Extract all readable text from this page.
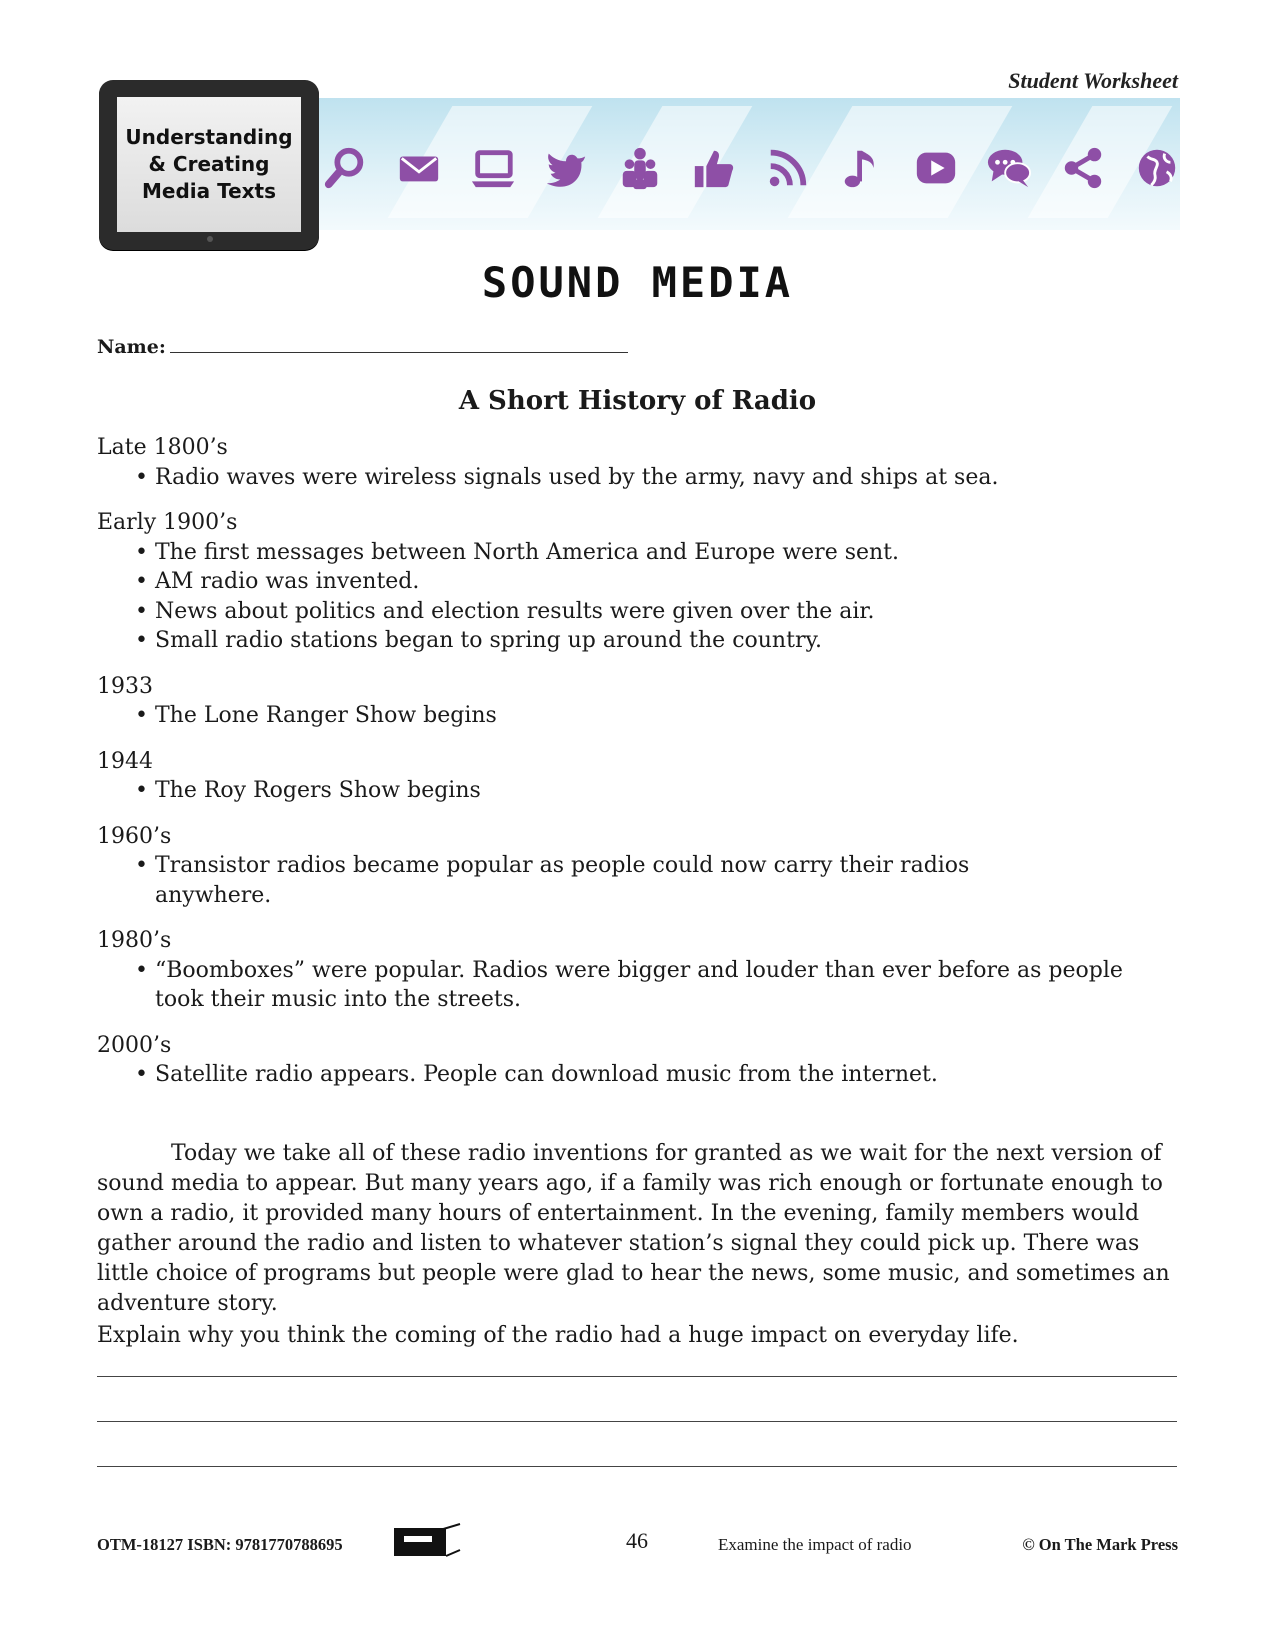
Student Worksheet
Understanding
& Creating
Media Texts
SOUND MEDIA
Name:
A Short History of Radio
Late 1800’s
• Radio waves were wireless signals used by the army, navy and ships at sea.
Early 1900’s
• The first messages between North America and Europe were sent.
• AM radio was invented.
• News about politics and election results were given over the air.
• Small radio stations began to spring up around the country.
1933
• The Lone Ranger Show begins
1944
• The Roy Rogers Show begins
1960’s
• Transistor radios became popular as people could now carry their radios anywhere.
1980’s
• “Boomboxes” were popular. Radios were bigger and louder than ever before as people took their music into the streets.
2000’s
• Satellite radio appears. People can download music from the internet.

Today we take all of these radio inventions for granted as we wait for the next version of sound media to appear. But many years ago, if a family was rich enough or fortunate enough to own a radio, it provided many hours of entertainment. In the evening, family members would gather around the radio and listen to whatever station’s signal they could pick up. There was little choice of programs but people were glad to hear the news, some music, and sometimes an adventure story.

Explain why you think the coming of the radio had a huge impact on everyday life.
OTM-18127 ISBN: 9781770788695	46	Examine the impact of radio	© On The Mark Press
